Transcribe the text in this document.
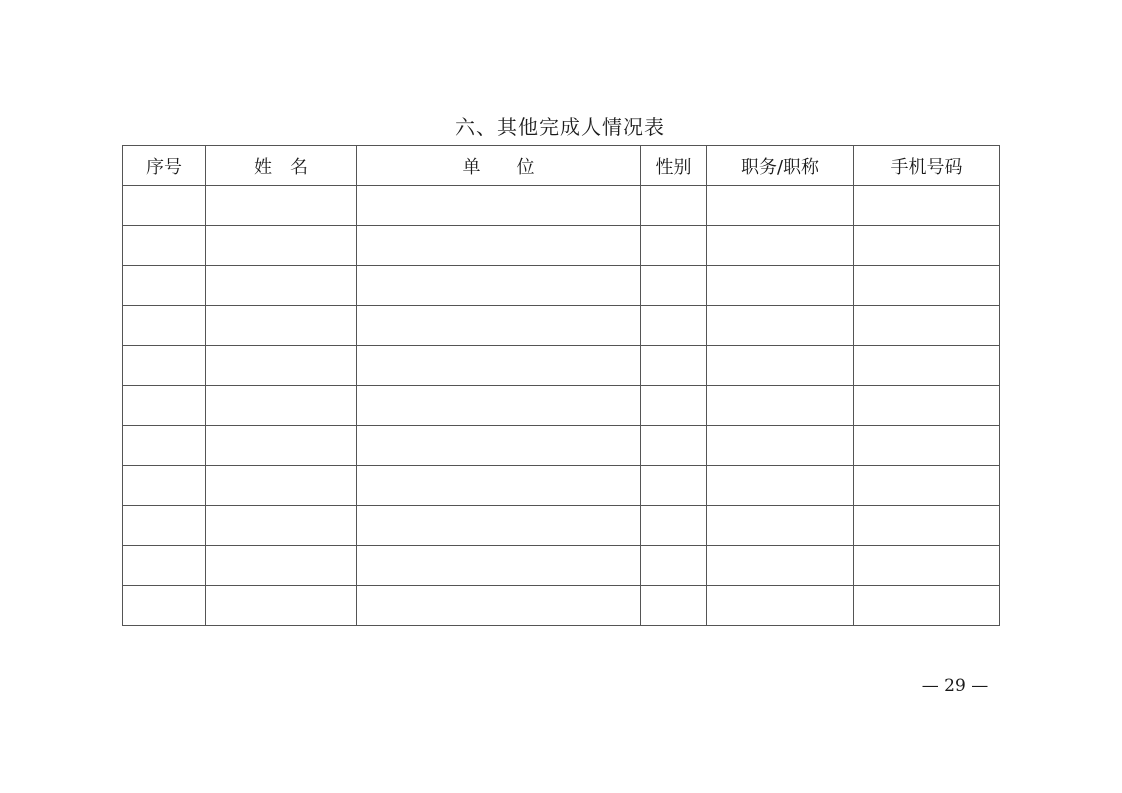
六、其他完成人情况表
序号	姓　名	单　　位	性别	职务/职称	手机号码

— 29 —
